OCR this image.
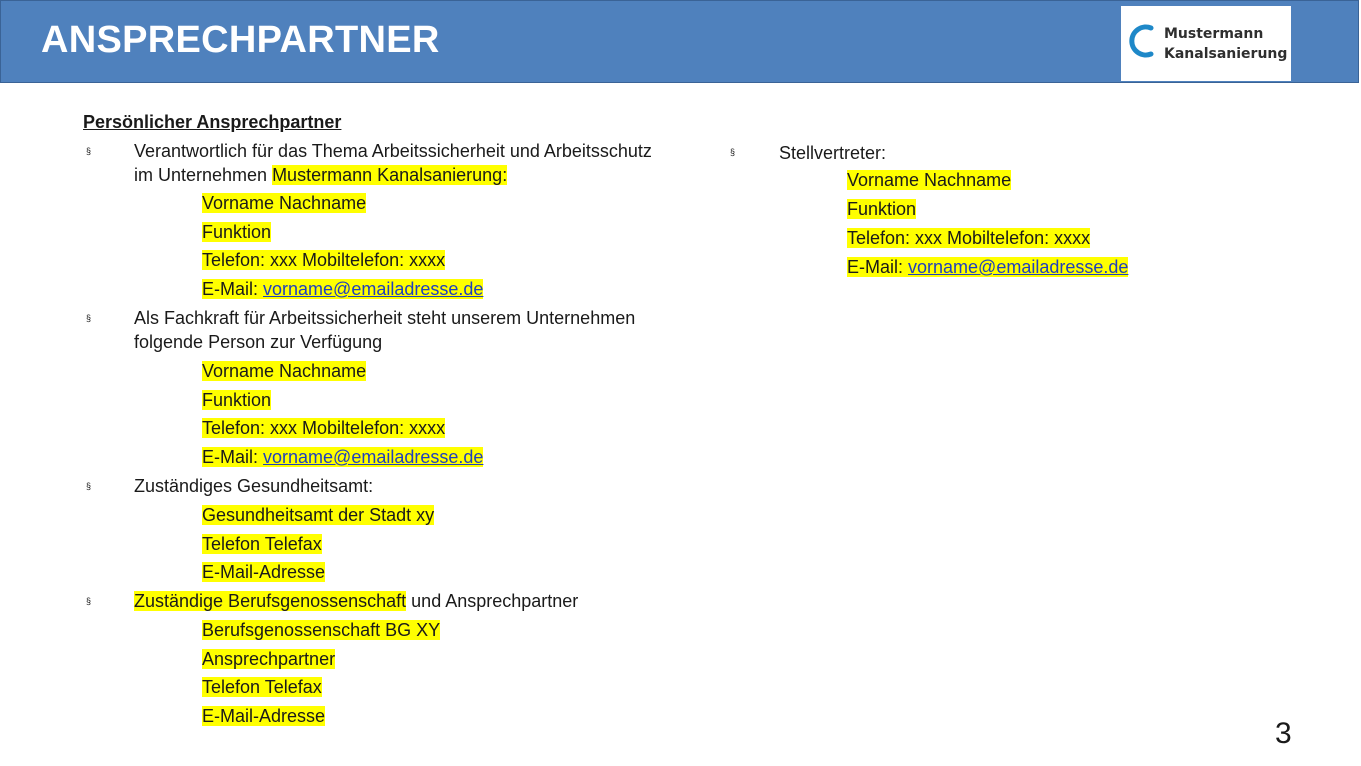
ANSPRECHPARTNER	Mustermann
Kanalsanierung
Persönlicher Ansprechpartner
§ Verantwortlich für das Thema Arbeitssicherheit und Arbeitsschutz
im Unternehmen Mustermann Kanalsanierung:
Vorname Nachname
Funktion
Telefon: xxx Mobiltelefon: xxxx
E-Mail: vorname@emailadresse.de
§ Als Fachkraft für Arbeitssicherheit steht unserem Unternehmen
folgende Person zur Verfügung
Vorname Nachname
Funktion
Telefon: xxx Mobiltelefon: xxxx
E-Mail: vorname@emailadresse.de
§ Zuständiges Gesundheitsamt:
Gesundheitsamt der Stadt xy
Telefon Telefax
E-Mail-Adresse
§ Zuständige Berufsgenossenschaft und Ansprechpartner
Berufsgenossenschaft BG XY
Ansprechpartner
Telefon Telefax
E-Mail-Adresse
§ Stellvertreter:
Vorname Nachname
Funktion
Telefon: xxx Mobiltelefon: xxxx
E-Mail: vorname@emailadresse.de
3
